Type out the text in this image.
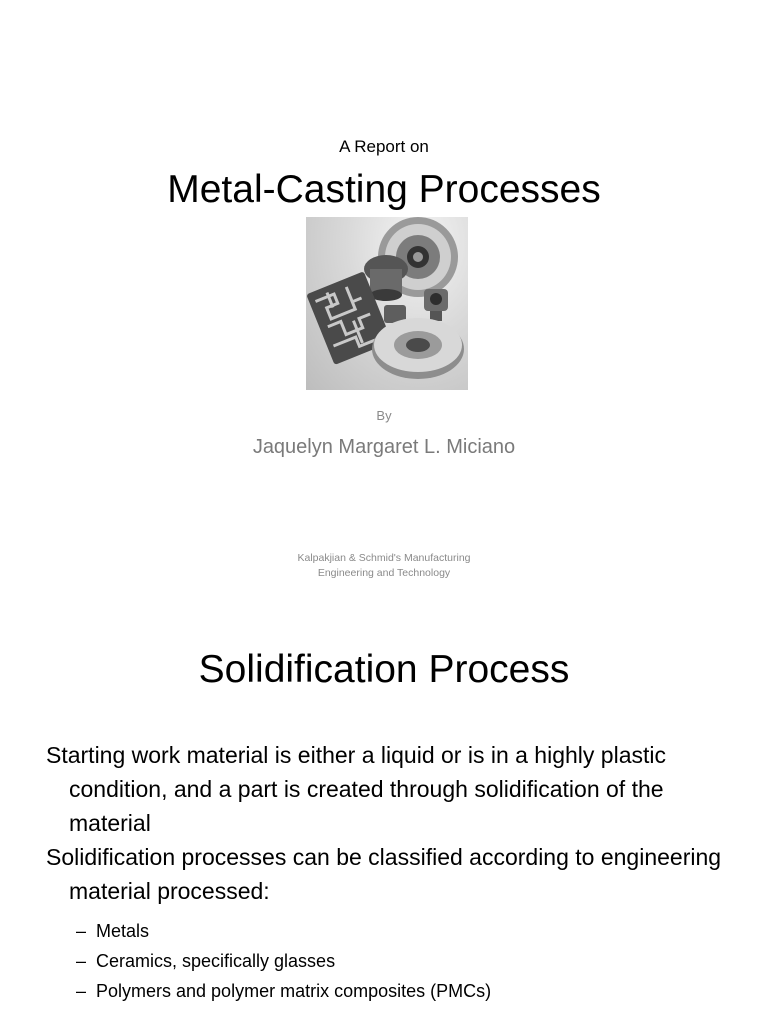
A Report on
Metal-Casting Processes
By
Jaquelyn Margaret L. Miciano
Kalpakjian & Schmid's Manufacturing
Engineering and Technology
Solidification Process

Starting work material is either a liquid or is in a highly plastic condition, and a part is created through solidification of the material

Solidification processes can be classified according to engineering material processed:

– Metals

– Ceramics, specifically glasses

– Polymers and polymer matrix composites (PMCs)
